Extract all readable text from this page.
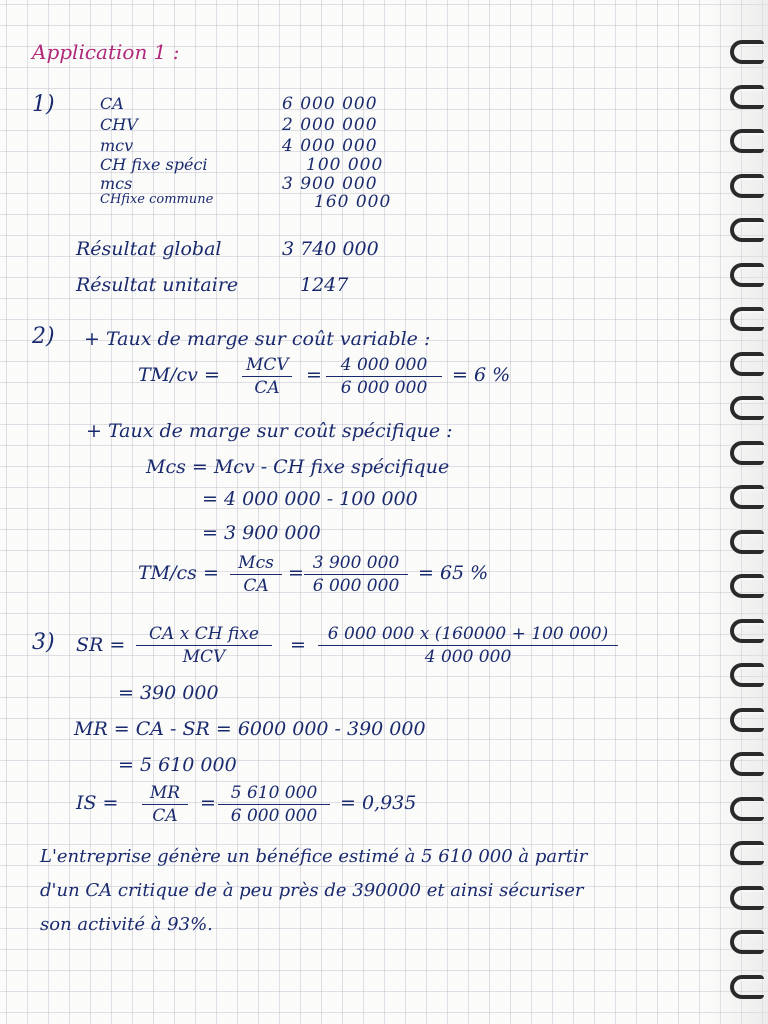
Application 1 :
1)	CA	6 000 000
CHV	2 000 000
mcv	4 000 000
CH fixe spéci	100 000
mcs	3 900 000
CHfixe commune	160 000
Résultat global	3 740 000
Résultat unitaire	1247
2) + Taux de marge sur coût variable :
TM/cv = MCV
CA
= $\frac{4 000 000}{6 000 000} = 6$ %
+ Taux de marge sur coût spécifique :
Mcs = Mcv - CH fixe spécifique
= 4 000 000 - 100 000
= 3 900 000
TM/cs =	Mcs
CA
= $\frac{3 900 000}{6 000 000} = 65$ %
3) SR =	CA x CH fixe
MCV
= $\frac{6 000 000 x (160000 + 100 000)}{4 000 000}$
= 390 000
MR = CA - SR = 6000 000 - 390 000
= 5 610 000
IS = $\frac{MR}{CA} = \frac{5 610 000}{6 000 000} = 0,935$
L'entreprise génère un bénéfice estimé à 5 610 000 à partir
d'un CA critique de à peu près de 390000 et ainsi sécuriser
son activité à 93%.
